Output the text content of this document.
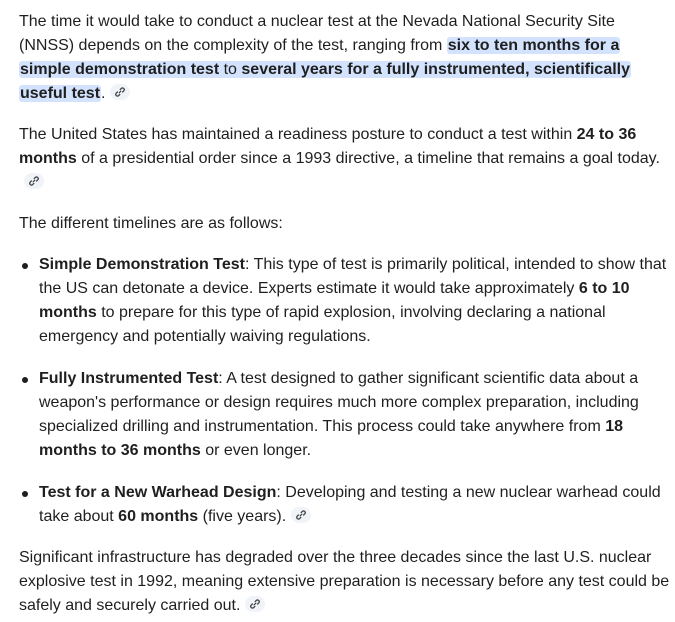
The time it would take to conduct a nuclear test at the Nevada National Security Site (NNSS) depends on the complexity of the test, ranging from six to ten months for a simple demonstration test to several years for a fully instrumented, scientifically useful test.

The United States has maintained a readiness posture to conduct a test within 24 to 36 months of a presidential order since a 1993 directive, a timeline that remains a goal today.

The different timelines are as follows:

Simple Demonstration Test: This type of test is primarily political, intended to show that the US can detonate a device. Experts estimate it would take approximately 6 to 10 months to prepare for this type of rapid explosion, involving declaring a national emergency and potentially waiving regulations.
Fully Instrumented Test: A test designed to gather significant scientific data about a weapon's performance or design requires much more complex preparation, including specialized drilling and instrumentation. This process could take anywhere from 18 months to 36 months or even longer.
Test for a New Warhead Design: Developing and testing a new nuclear warhead could take about 60 months (five years).

Significant infrastructure has degraded over the three decades since the last U.S. nuclear explosive test in 1992, meaning extensive preparation is necessary before any test could be safely and securely carried out.
